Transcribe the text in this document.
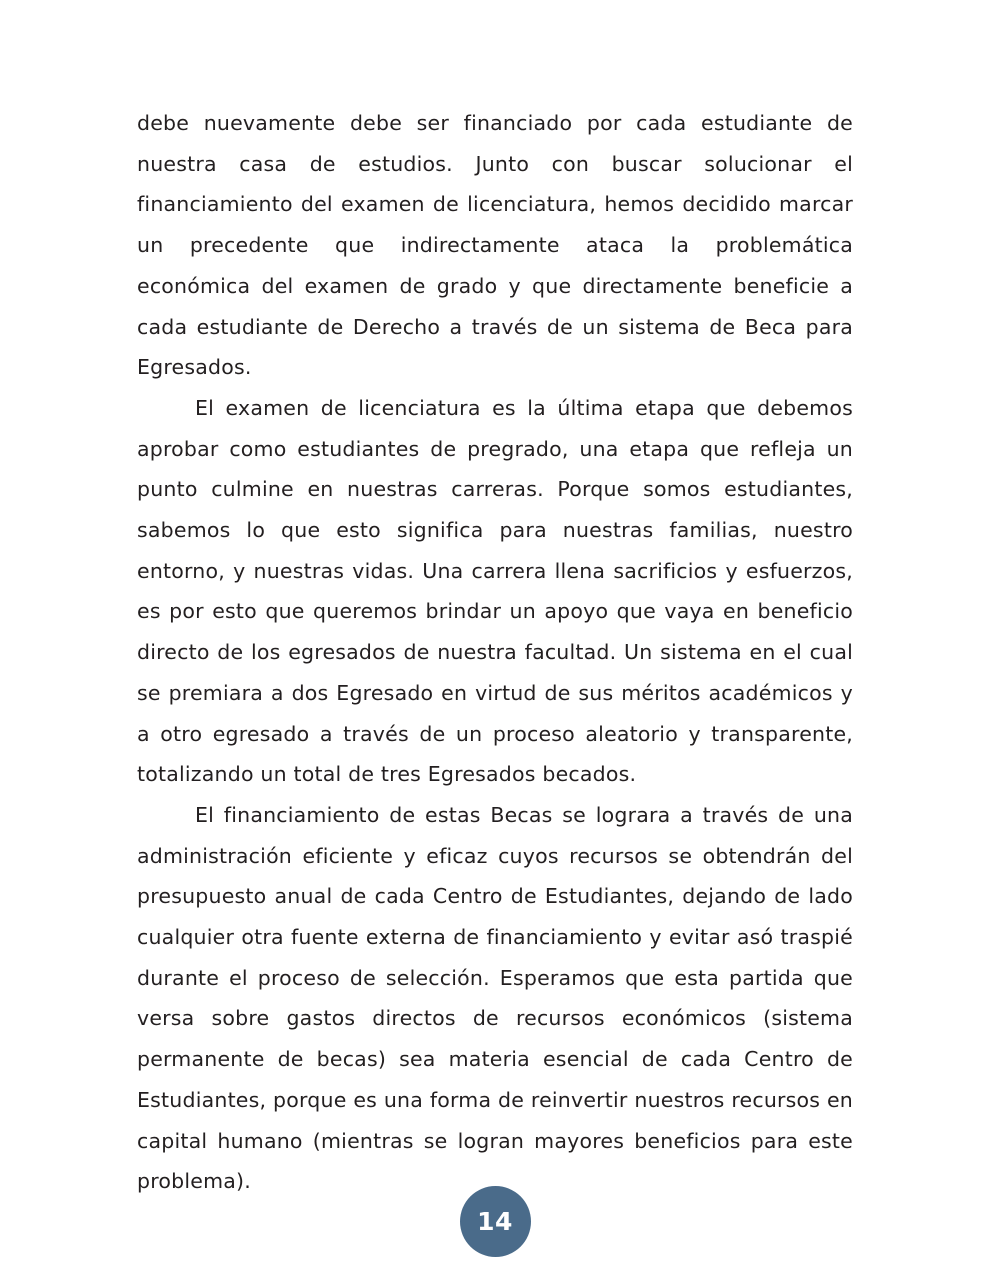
debe nuevamente debe ser financiado por cada estudiante de nuestra casa de estudios. Junto con buscar solucionar el financiamiento del examen de licenciatura, hemos decidido marcar un precedente que indirectamente ataca la problemática económica del examen de grado y que directamente beneficie a cada estudiante de Derecho a través de un sistema de Beca para Egresados.

El examen de licenciatura es la última etapa que debemos aprobar como estudiantes de pregrado, una etapa que refleja un punto culmine en nuestras carreras. Porque somos estudiantes, sabemos lo que esto significa para nuestras familias, nuestro entorno, y nuestras vidas. Una carrera llena sacrificios y esfuerzos, es por esto que queremos brindar un apoyo que vaya en beneficio directo de los egresados de nuestra facultad. Un sistema en el cual se premiara a dos Egresado en virtud de sus méritos académicos y a otro egresado a través de un proceso aleatorio y transparente, totalizando un total de tres Egresados becados.

El financiamiento de estas Becas se lograra a través de una administración eficiente y eficaz cuyos recursos se obtendrán del presupuesto anual de cada Centro de Estudiantes, dejando de lado cualquier otra fuente externa de financiamiento y evitar asó traspié durante el proceso de selección. Esperamos que esta partida que versa sobre gastos directos de recursos económicos (sistema permanente de becas) sea materia esencial de cada Centro de Estudiantes, porque es una forma de reinvertir nuestros recursos en capital humano (mientras se logran mayores beneficios para este problema).

14
